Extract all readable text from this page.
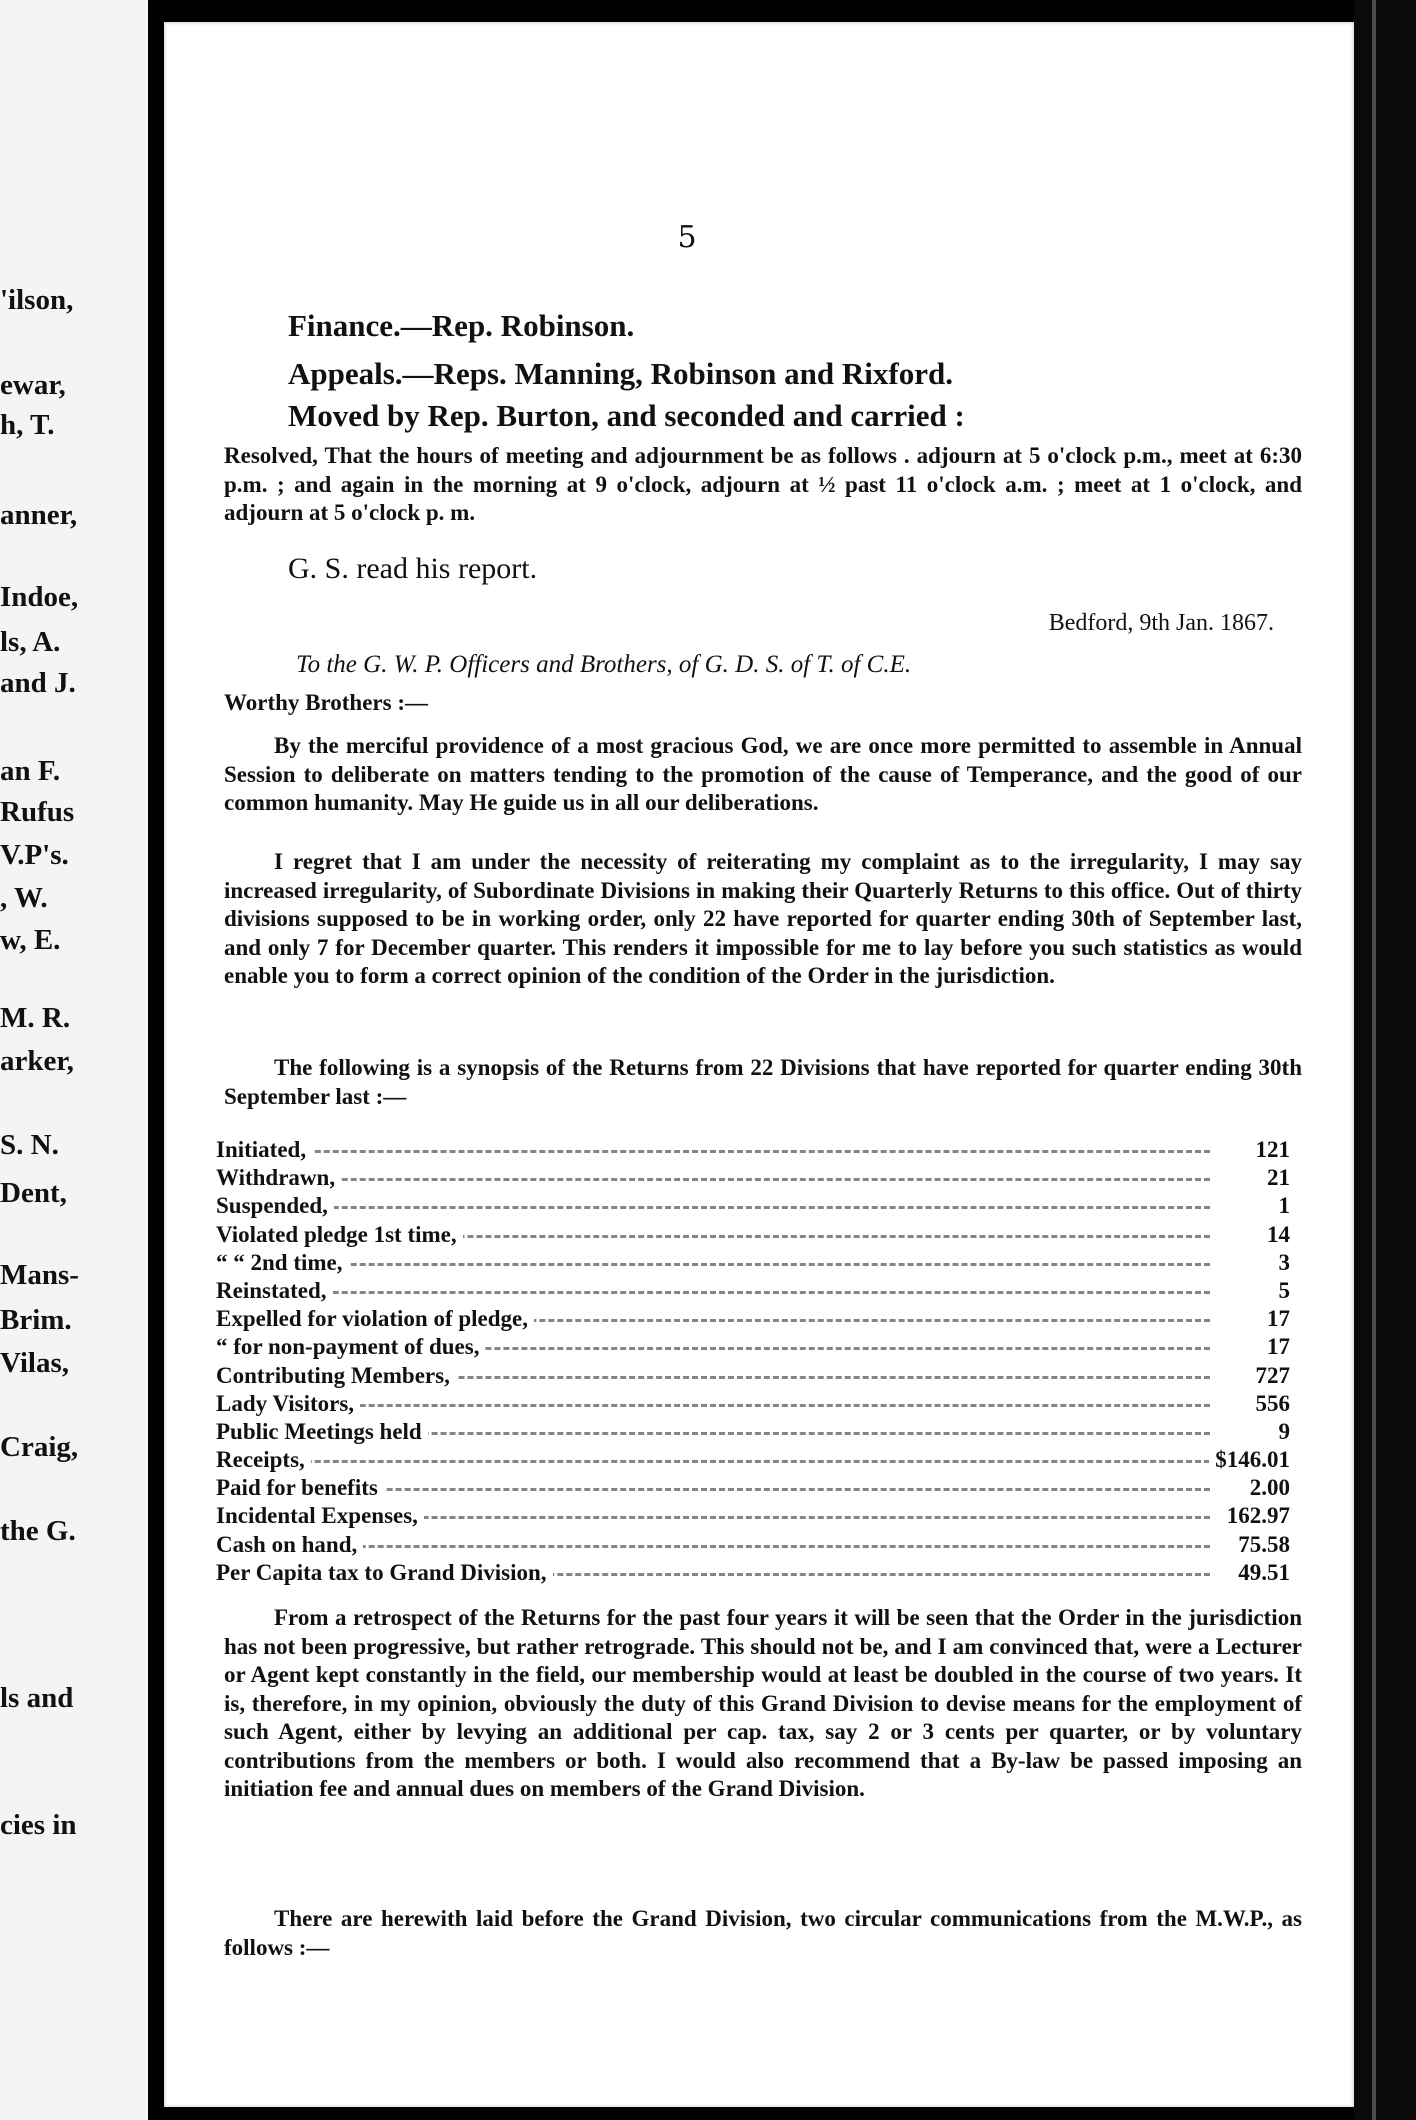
'ilson,
ewar,
h, T.
anner,
Indoe,
ls, A.
and J.
an F.
Rufus
V.P's.
, W.
w, E.
M. R.
arker,
S. N.
Dent,
Mans-
Brim.
Vilas,
Craig,
the G.
ls and
cies in
5
Finance.—Rep. Robinson.
Appeals.—Reps. Manning, Robinson and Rixford.
Moved by Rep. Burton, and seconded and carried :
Resolved, That the hours of meeting and adjournment be as follows . adjourn at 5 o'clock p.m., meet at 6:30 p.m. ; and again in the morning at 9 o'clock, adjourn at ½ past 11 o'clock a.m. ; meet at 1 o'clock, and adjourn at 5 o'clock p. m.
G. S. read his report.
Bedford, 9th Jan. 1867.
To the G. W. P. Officers and Brothers, of G. D. S. of T. of C.E.
Worthy Brothers :—
By the merciful providence of a most gracious God, we are once more permitted to assemble in Annual Session to deliberate on matters tending to the promotion of the cause of Temperance, and the good of our common humanity. May He guide us in all our deliberations.
I regret that I am under the necessity of reiterating my complaint as to the irregularity, I may say increased irregularity, of Subordinate Divisions in making their Quarterly Returns to this office. Out of thirty divisions supposed to be in working order, only 22 have reported for quarter ending 30th of September last, and only 7 for December quarter. This renders it impossible for me to lay before you such statistics as would enable you to form a correct opinion of the condition of the Order in the jurisdiction.
The following is a synopsis of the Returns from 22 Divisions that have reported for quarter ending 30th September last :—
Initiated,	121
Withdrawn,	21
Suspended,	1
Violated pledge 1st time,	14
“ “ 2nd time,	3
Reinstated,	5
Expelled for violation of pledge,	17
“ for non-payment of dues,	17
Contributing Members,	727
Lady Visitors,	556
Public Meetings held	9
Receipts,	$146.01
Paid for benefits	2.00
Incidental Expenses,	162.97
Cash on hand,	75.58
Per Capita tax to Grand Division,	49.51
From a retrospect of the Returns for the past four years it will be seen that the Order in the jurisdiction has not been progressive, but rather retrograde. This should not be, and I am convinced that, were a Lecturer or Agent kept constantly in the field, our membership would at least be doubled in the course of two years. It is, therefore, in my opinion, obviously the duty of this Grand Division to devise means for the employment of such Agent, either by levying an additional per cap. tax, say 2 or 3 cents per quarter, or by voluntary contributions from the members or both. I would also recommend that a By-law be passed imposing an initiation fee and annual dues on members of the Grand Division.
There are herewith laid before the Grand Division, two circular communications from the M.W.P., as follows :—
